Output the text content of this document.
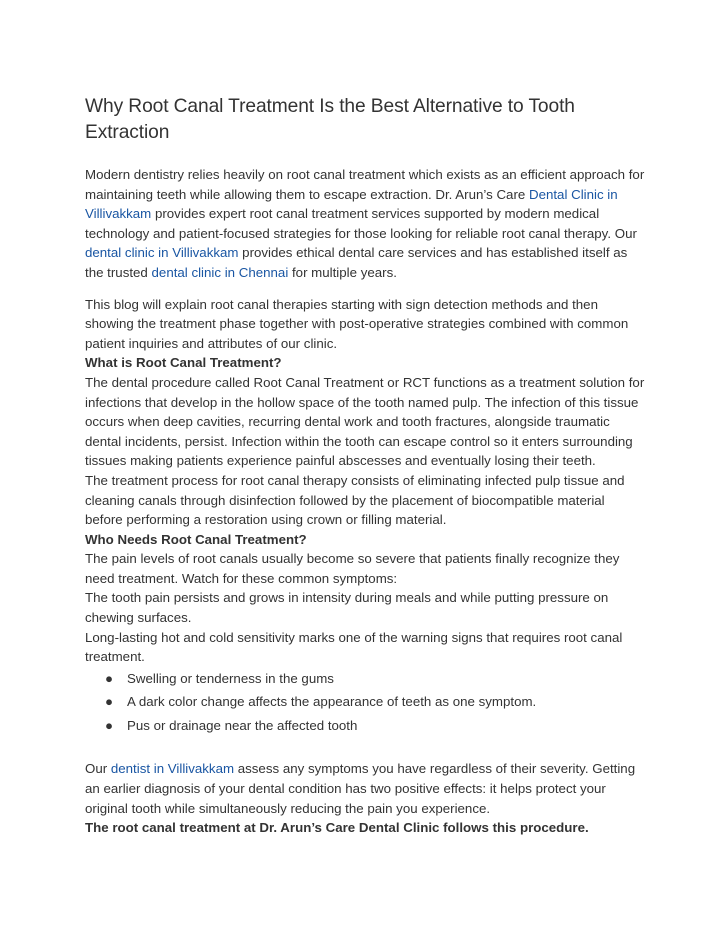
Why Root Canal Treatment Is the Best Alternative to Tooth Extraction

Modern dentistry relies heavily on root canal treatment which exists as an efficient approach for maintaining teeth while allowing them to escape extraction. Dr. Arun’s Care Dental Clinic in Villivakkam provides expert root canal treatment services supported by modern medical technology and patient-focused strategies for those looking for reliable root canal therapy. Our dental clinic in Villivakkam provides ethical dental care services and has established itself as the trusted dental clinic in Chennai for multiple years.

This blog will explain root canal therapies starting with sign detection methods and then showing the treatment phase together with post-operative strategies combined with common patient inquiries and attributes of our clinic.

What is Root Canal Treatment?

The dental procedure called Root Canal Treatment or RCT functions as a treatment solution for infections that develop in the hollow space of the tooth named pulp. The infection of this tissue occurs when deep cavities, recurring dental work and tooth fractures, alongside traumatic dental incidents, persist. Infection within the tooth can escape control so it enters surrounding tissues making patients experience painful abscesses and eventually losing their teeth.

The treatment process for root canal therapy consists of eliminating infected pulp tissue and cleaning canals through disinfection followed by the placement of biocompatible material before performing a restoration using crown or filling material.

Who Needs Root Canal Treatment?

The pain levels of root canals usually become so severe that patients finally recognize they need treatment. Watch for these common symptoms:

The tooth pain persists and grows in intensity during meals and while putting pressure on chewing surfaces.

Long-lasting hot and cold sensitivity marks one of the warning signs that requires root canal treatment.

● Swelling or tenderness in the gums
● A dark color change affects the appearance of teeth as one symptom.
● Pus or drainage near the affected tooth

Our dentist in Villivakkam assess any symptoms you have regardless of their severity. Getting an earlier diagnosis of your dental condition has two positive effects: it helps protect your original tooth while simultaneously reducing the pain you experience.

The root canal treatment at Dr. Arun’s Care Dental Clinic follows this procedure.
